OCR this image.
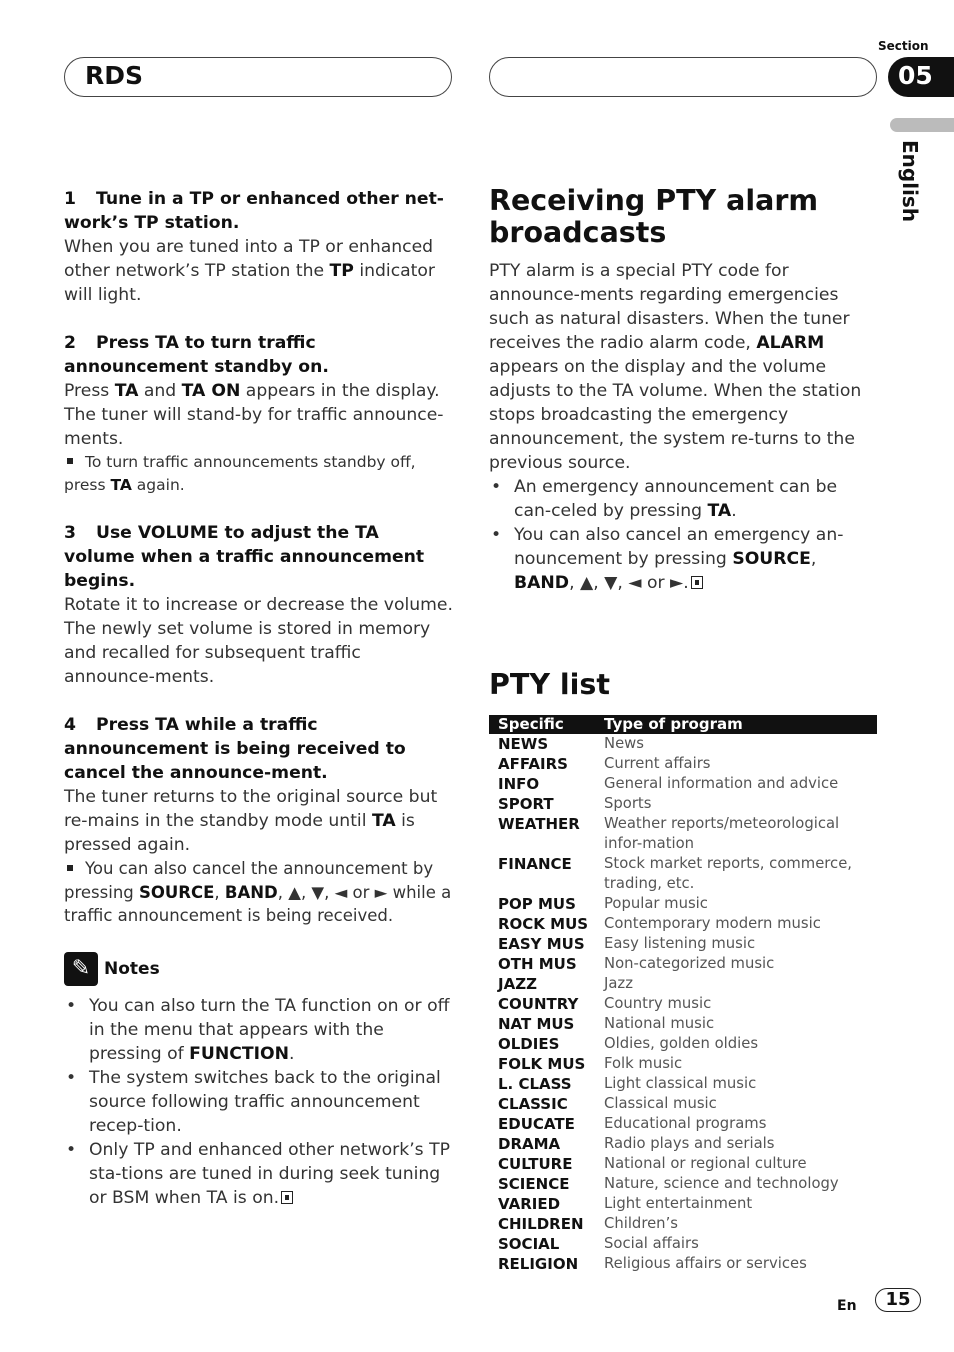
RDS
Section
05
English
1 Tune in a TP or enhanced other net-work’s TP station.

When you are tuned into a TP or enhanced other network’s TP station the TP indicator will light.

2 Press TA to turn traffic announcement standby on.

Press TA and TA ON appears in the display. The tuner will stand-by for traffic announce-ments.

To turn traffic announcements standby off, press TA again.

3 Use VOLUME to adjust the TA volume when a traffic announcement begins.

Rotate it to increase or decrease the volume. The newly set volume is stored in memory and recalled for subsequent traffic announce-ments.

4 Press TA while a traffic announcement is being received to cancel the announce-ment.

The tuner returns to the original source but re-mains in the standby mode until TA is pressed again.

You can also cancel the announcement by pressing SOURCE, BAND, ▲, ▼, ◄ or ► while a traffic announcement is being received.

✎ Notes

• You can also turn the TA function on or off in the menu that appears with the pressing of FUNCTION.

• The system switches back to the original source following traffic announcement recep-tion.

• Only TP and enhanced other network’s TP sta-tions are tuned in during seek tuning or BSM when TA is on.

Receiving PTY alarm broadcasts

PTY alarm is a special PTY code for announce-ments regarding emergencies such as natural disasters. When the tuner receives the radio alarm code, ALARM appears on the display and the volume adjusts to the TA volume. When the station stops broadcasting the emergency announcement, the system re-turns to the previous source.

• An emergency announcement can be can-celed by pressing TA.

• You can also cancel an emergency an-nouncement by pressing SOURCE, BAND, ▲, ▼, ◄ or ►.

PTY list
Specific	Type of program
NEWS	News
AFFAIRS	Current affairs
INFO	General information and advice
SPORT	Sports
WEATHER	Weather reports/meteorological infor-mation
FINANCE	Stock market reports, commerce, trading, etc.
POP MUS	Popular music
ROCK MUS	Contemporary modern music
EASY MUS	Easy listening music
OTH MUS	Non-categorized music
JAZZ	Jazz
COUNTRY	Country music
NAT MUS	National music
OLDIES	Oldies, golden oldies
FOLK MUS	Folk music
L. CLASS	Light classical music
CLASSIC	Classical music
EDUCATE	Educational programs
DRAMA	Radio plays and serials
CULTURE	National or regional culture
SCIENCE	Nature, science and technology
VARIED	Light entertainment
CHILDREN	Children’s
SOCIAL	Social affairs
RELIGION	Religious affairs or services
En	15
